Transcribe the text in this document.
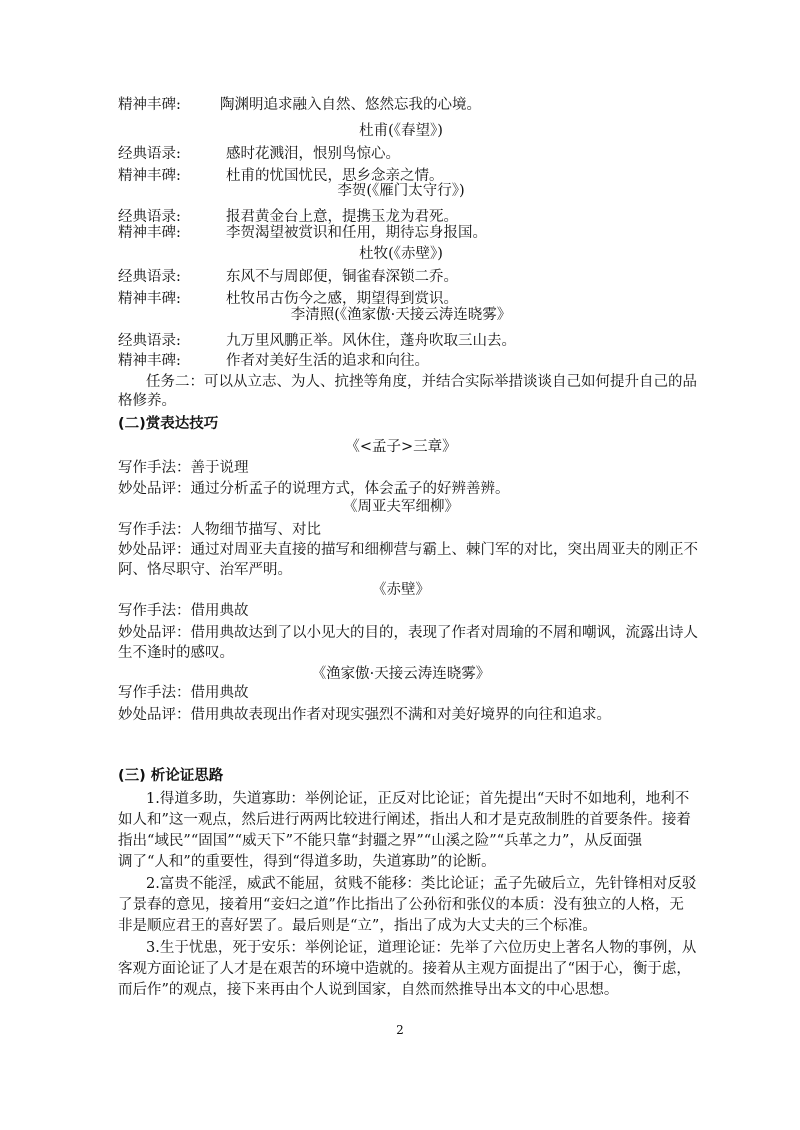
精神丰碑:	陶渊明追求融入自然、悠然忘我的心境。
杜甫(《春望》)
经典语录:	感时花溅泪，恨别鸟惊心。
精神丰碑:	杜甫的忧国忧民，思乡念亲之情。
李贺(《雁门太守行》)
经典语录:	报君黄金台上意，提携玉龙为君死。
精神丰碑:	李贺渴望被赏识和任用，期待忘身报国。
杜牧(《赤壁》)
经典语录:	东风不与周郎便，铜雀春深锁二乔。
精神丰碑:	杜牧吊古伤今之感，期望得到赏识。
李清照(《渔家傲·天接云涛连晓雾》
经典语录:	九万里风鹏正举。风休住，蓬舟吹取三山去。
精神丰碑:	作者对美好生活的追求和向往。
任务二：可以从立志、为人、抗挫等角度，并结合实际举措谈谈自己如何提升自己的品
格修养。
(二)赏表达技巧
《<孟子>三章》
写作手法：善于说理
妙处品评：通过分析孟子的说理方式，体会孟子的好辨善辨。
《周亚夫军细柳》
写作手法：人物细节描写、对比
妙处品评：通过对周亚夫直接的描写和细柳营与霸上、棘门军的对比，突出周亚夫的刚正不
阿、恪尽职守、治军严明。
《赤壁》
写作手法：借用典故
妙处品评：借用典故达到了以小见大的目的，表现了作者对周瑜的不屑和嘲讽，流露出诗人
生不逢时的感叹。
《渔家傲·天接云涛连晓雾》
写作手法：借用典故
妙处品评：借用典故表现出作者对现实强烈不满和对美好境界的向往和追求。
(三) 析论证思路
1.得道多助，失道寡助：举例论证，正反对比论证；首先提出“天时不如地利，地利不
如人和”这一观点，然后进行两两比较进行阐述，指出人和才是克敌制胜的首要条件。接着
指出“域民”“固国”“威天下”不能只靠“封疆之界”“山溪之险”“兵革之力”，从反面强
调了“人和”的重要性，得到“得道多助，失道寡助”的论断。
2.富贵不能淫，威武不能屈，贫贱不能移：类比论证；孟子先破后立，先针锋相对反驳
了景春的意见，接着用“妾妇之道”作比指出了公孙衍和张仪的本质：没有独立的人格，无
非是顺应君王的喜好罢了。最后则是“立”，指出了成为大丈夫的三个标准。
3.生于忧患，死于安乐：举例论证，道理论证：先举了六位历史上著名人物的事例，从
客观方面论证了人才是在艰苦的环境中造就的。接着从主观方面提出了“困于心，衡于虑，
而后作”的观点，接下来再由个人说到国家，自然而然推导出本文的中心思想。
2
